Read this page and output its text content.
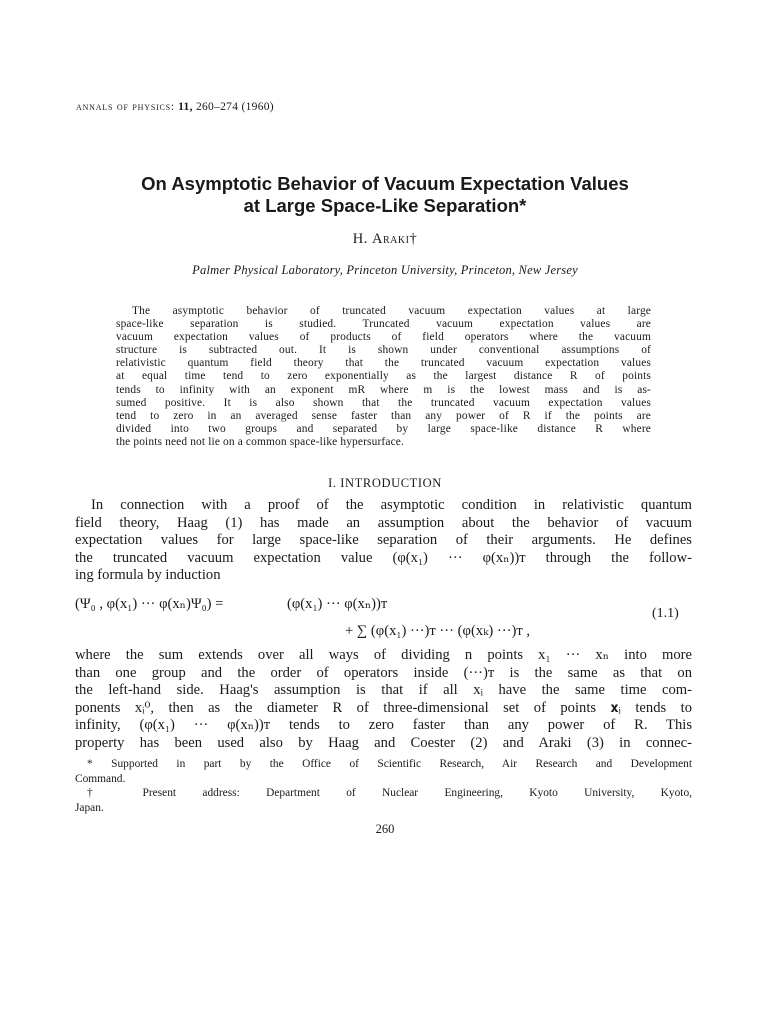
annals of physics: 11, 260–274 (1960)
On Asymptotic Behavior of Vacuum Expectation Values
at Large Space-Like Separation*
H. Araki†
Palmer Physical Laboratory, Princeton University, Princeton, New Jersey
The asymptotic behavior of truncated vacuum expectation values at large
space-like separation is studied. Truncated vacuum expectation values are
vacuum expectation values of products of field operators where the vacuum
structure is subtracted out. It is shown under conventional assumptions of
relativistic quantum field theory that the truncated vacuum expectation values
at equal time tend to zero exponentially as the largest distance R of points
tends to infinity with an exponent mR where m is the lowest mass and is as-
sumed positive. It is also shown that the truncated vacuum expectation values
tend to zero in an averaged sense faster than any power of R if the points are
divided into two groups and separated by large space-like distance R where
the points need not lie on a common space-like hypersurface.
I. INTRODUCTION
In connection with a proof of the asymptotic condition in relativistic quantum
field theory, Haag (1) has made an assumption about the behavior of vacuum
expectation values for large space-like separation of their arguments. He defines
the truncated vacuum expectation value (φ(x₁) ··· φ(xₙ))ᴛ through the follow-
ing formula by induction
(Ψ₀ , φ(x₁) ··· φ(xₙ)Ψ₀) =	(φ(x₁) ··· φ(xₙ))ᴛ
+ ∑ (φ(x₁) ···)ᴛ ··· (φ(xₖ) ···)ᴛ ,
(1.1)
where the sum extends over all ways of dividing n points x₁ ··· xₙ into more
than one group and the order of operators inside (···)ᴛ is the same as that on
the left-hand side. Haag's assumption is that if all xᵢ have the same time com-
ponents xᵢ⁰, then as the diameter R of three-dimensional set of points 𝐱ᵢ tends to
infinity, (φ(x₁) ··· φ(xₙ))ᴛ tends to zero faster than any power of R. This
property has been used also by Haag and Coester (2) and Araki (3) in connec-
* Supported in part by the Office of Scientific Research, Air Research and Development
Command.
† Present address: Department of Nuclear Engineering, Kyoto University, Kyoto,
Japan.
260
